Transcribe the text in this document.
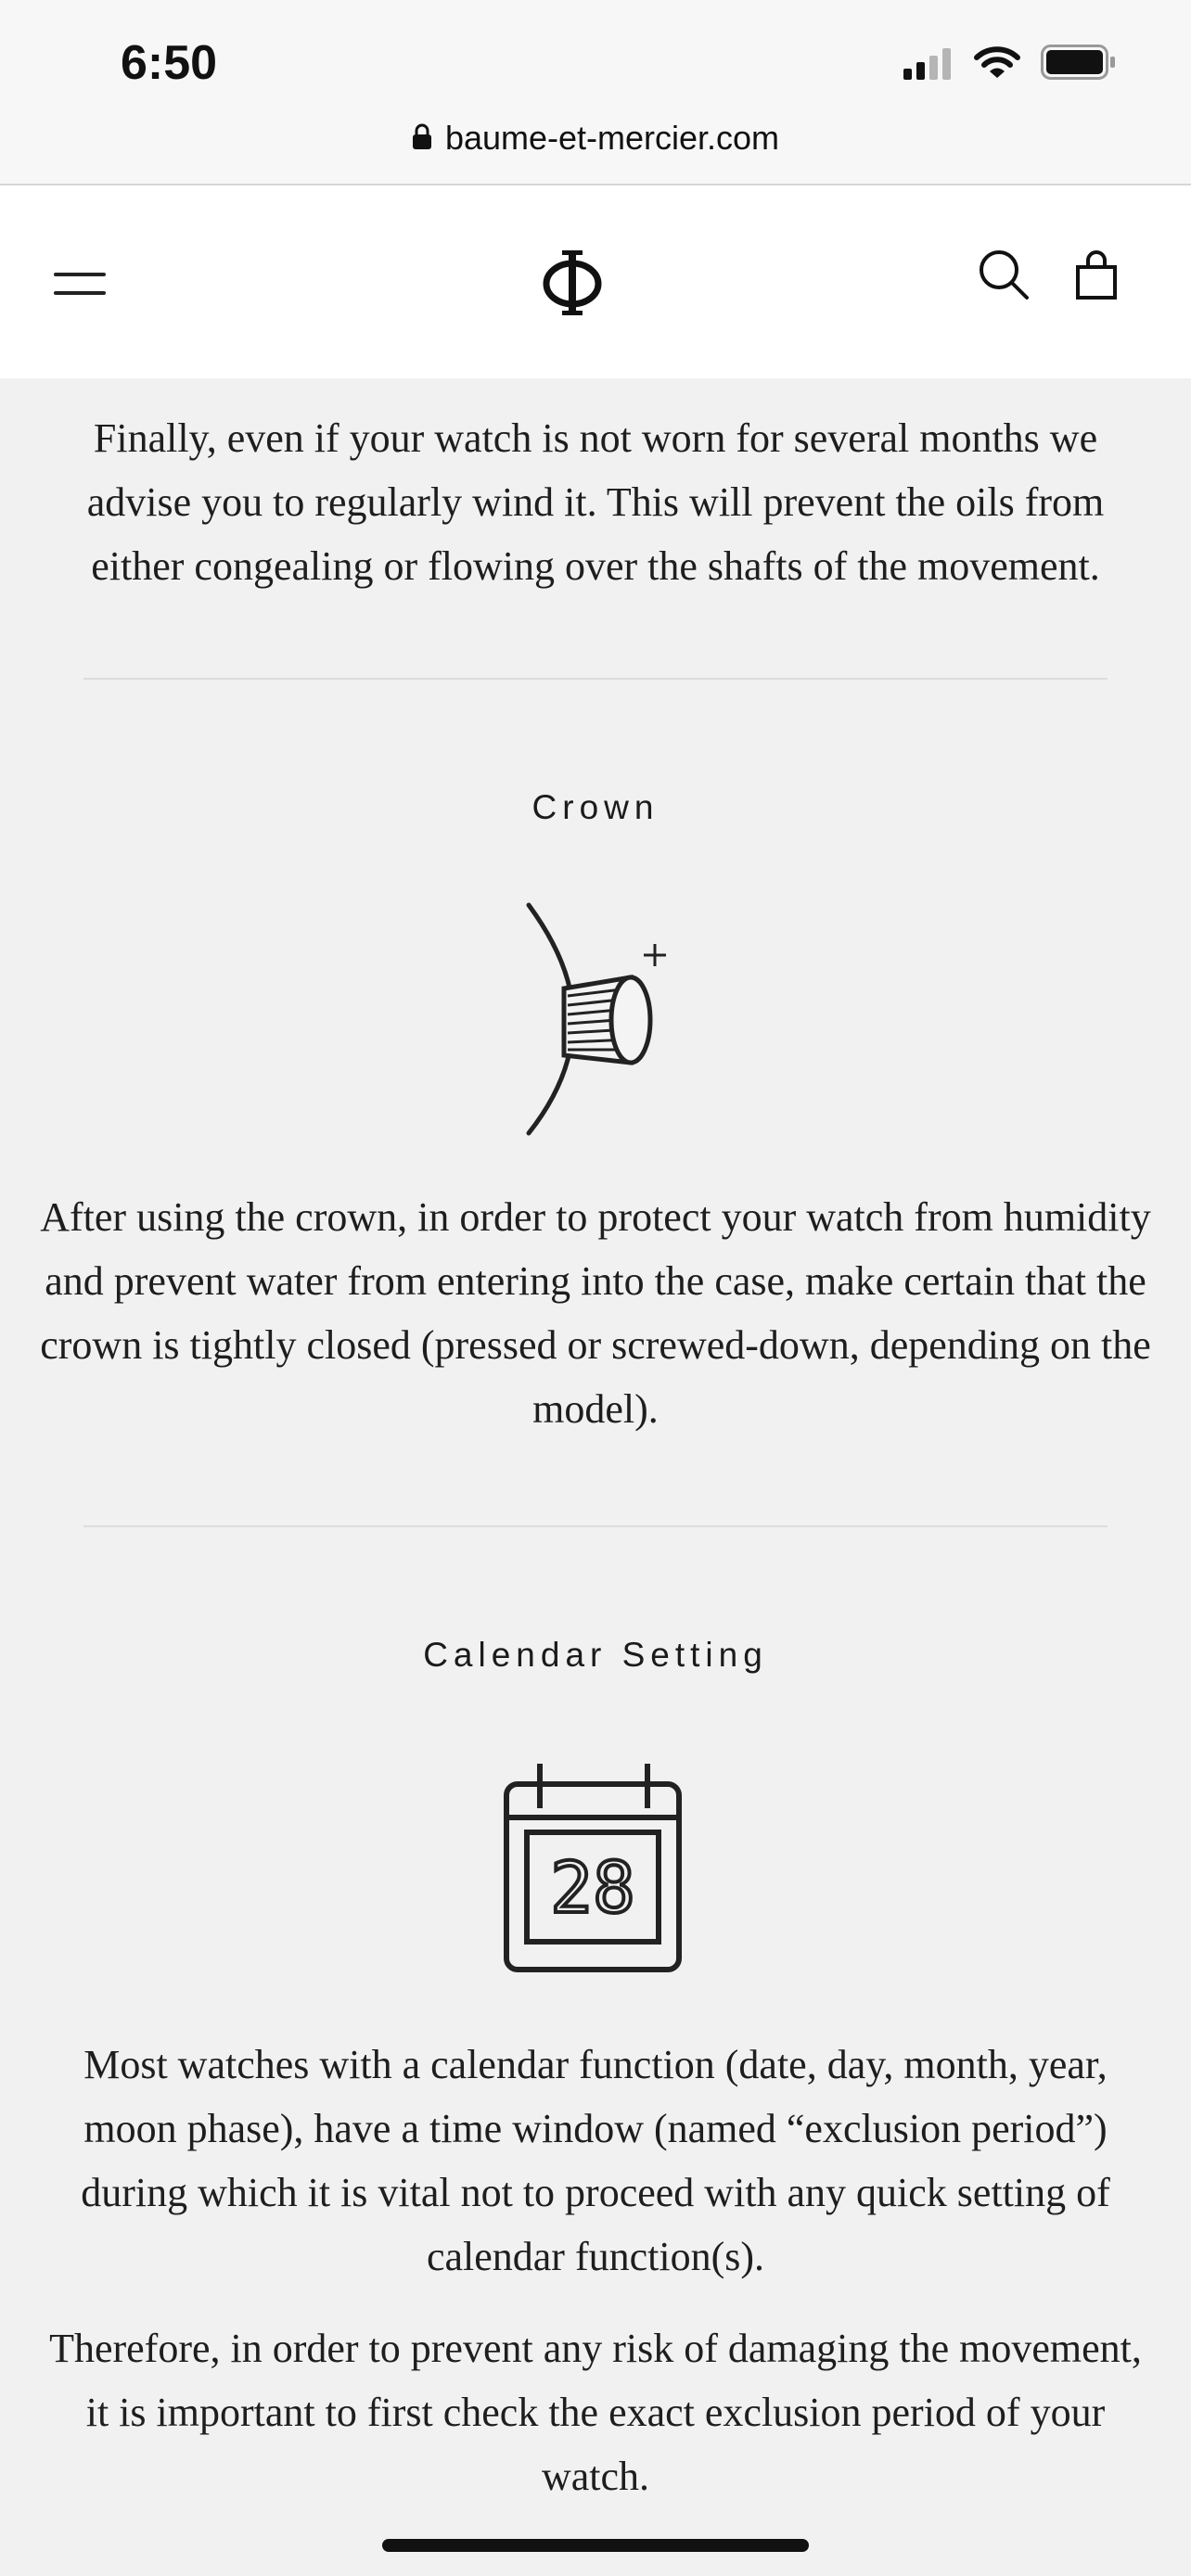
6:50
baume-et-mercier.com

Finally, even if your watch is not worn for several months we advise you to regularly wind it. This will prevent the oils from either congealing or flowing over the shafts of the movement.

Crown

After using the crown, in order to protect your watch from humidity and prevent water from entering into the case, make certain that the crown is tightly closed (pressed or screwed-down, depending on the model).

Calendar Setting
28

Most watches with a calendar function (date, day, month, year, moon phase), have a time window (named “exclusion period”) during which it is vital not to proceed with any quick setting of calendar function(s).

Therefore, in order to prevent any risk of damaging the movement, it is important to first check the exact exclusion period of your watch.
